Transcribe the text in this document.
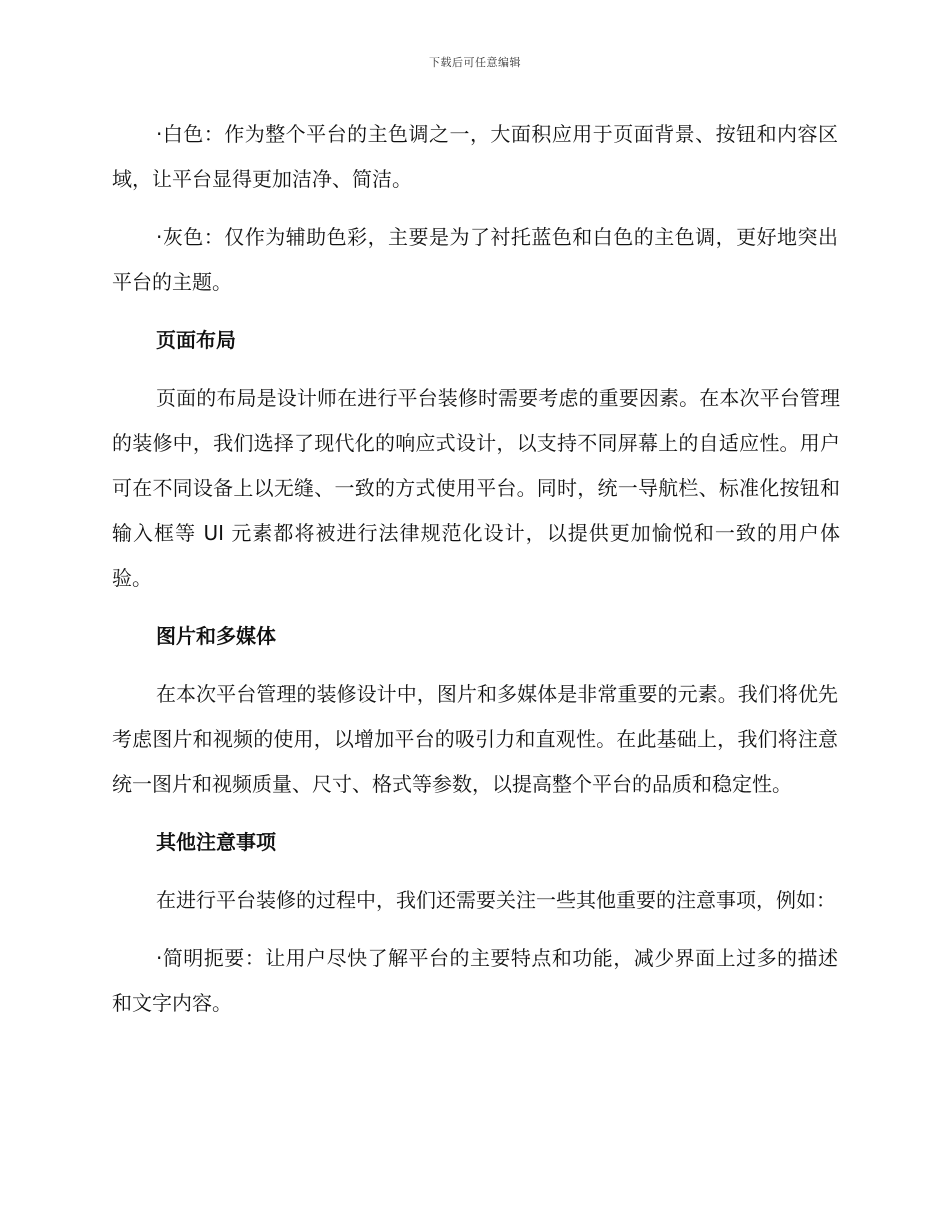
下载后可任意编辑

·白色：作为整个平台的主色调之一，大面积应用于页面背景、按钮和内容区域，让平台显得更加洁净、简洁。

·灰色：仅作为辅助色彩，主要是为了衬托蓝色和白色的主色调，更好地突出平台的主题。

页面布局

页面的布局是设计师在进行平台装修时需要考虑的重要因素。在本次平台管理的装修中，我们选择了现代化的响应式设计，以支持不同屏幕上的自适应性。用户可在不同设备上以无缝、一致的方式使用平台。同时，统一导航栏、标准化按钮和输入框等 UI 元素都将被进行法律规范化设计，以提供更加愉悦和一致的用户体验。

图片和多媒体

在本次平台管理的装修设计中，图片和多媒体是非常重要的元素。我们将优先考虑图片和视频的使用，以增加平台的吸引力和直观性。在此基础上，我们将注意统一图片和视频质量、尺寸、格式等参数，以提高整个平台的品质和稳定性。

其他注意事项

在进行平台装修的过程中，我们还需要关注一些其他重要的注意事项，例如：

·简明扼要：让用户尽快了解平台的主要特点和功能，减少界面上过多的描述和文字内容。
